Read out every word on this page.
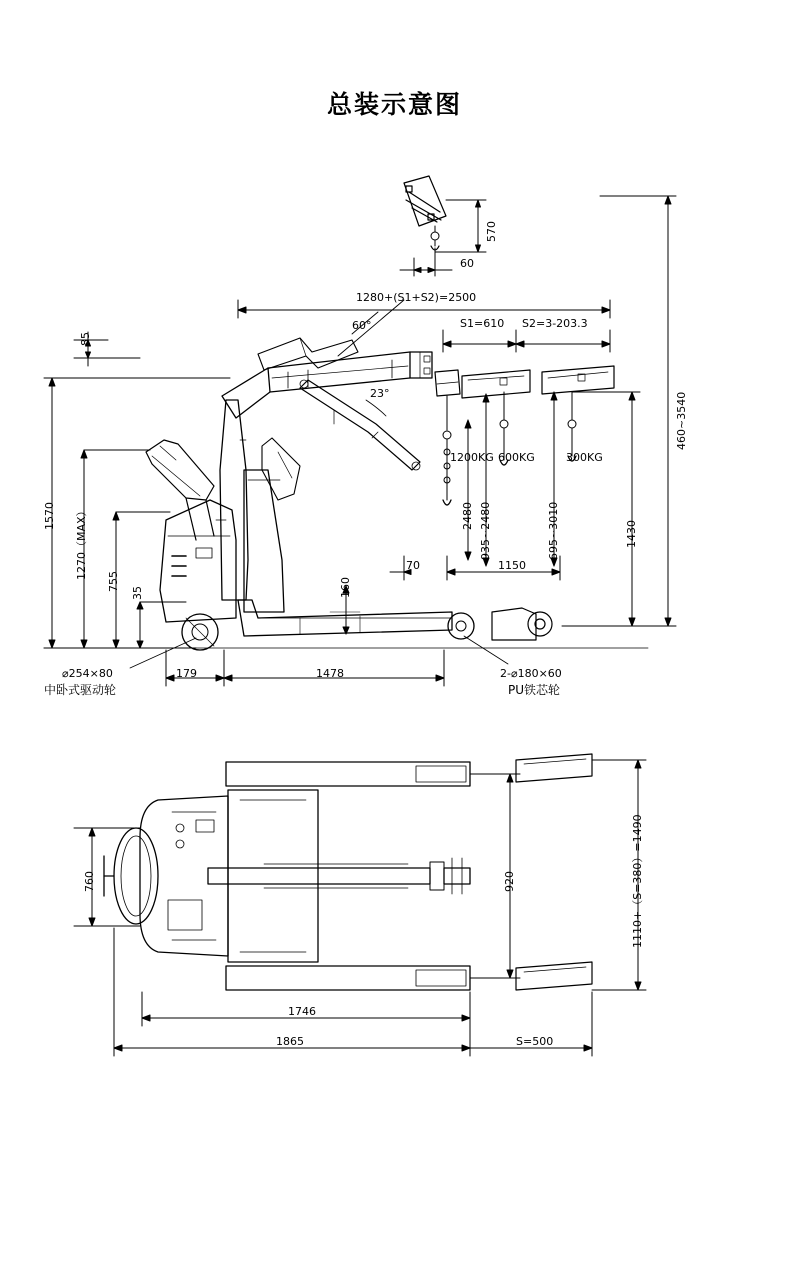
总装示意图
570
60
1280+(S1+S2)=2500
60°
23°
S1=610 S2=3-203.3
85
460~3540
1570 1270（MAX）
755
35	160
1200KG 600KG	300KG
935~2480	695~3010	1430
2480
70	1150
179	1478
⌀254×80
中卧式驱动轮
2-⌀180×60
PU铁芯轮
760	920	1110+（S=380）=1490
1746
1865	S=500
